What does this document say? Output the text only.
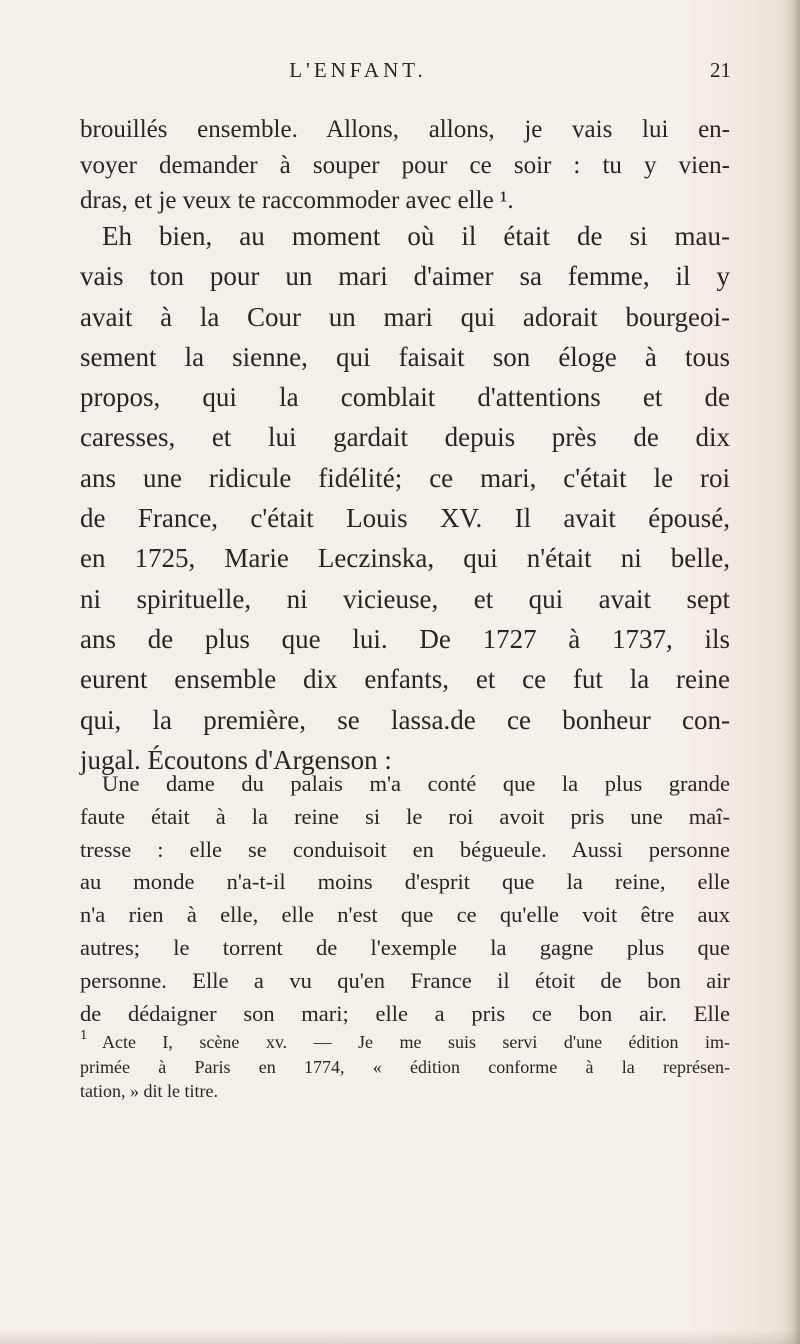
L'ENFANT.	21
brouillés ensemble. Allons, allons, je vais lui en-
voyer demander à souper pour ce soir : tu y vien-
dras, et je veux te raccommoder avec elle ¹.
Eh bien, au moment où il était de si mau-
vais ton pour un mari d'aimer sa femme, il y
avait à la Cour un mari qui adorait bourgeoi-
sement la sienne, qui faisait son éloge à tous
propos, qui la comblait d'attentions et de
caresses, et lui gardait depuis près de dix
ans une ridicule fidélité; ce mari, c'était le roi
de France, c'était Louis XV. Il avait épousé,
en 1725, Marie Leczinska, qui n'était ni belle,
ni spirituelle, ni vicieuse, et qui avait sept
ans de plus que lui. De 1727 à 1737, ils
eurent ensemble dix enfants, et ce fut la reine
qui, la première, se lassa.de ce bonheur con-
jugal. Écoutons d'Argenson :
Une dame du palais m'a conté que la plus grande
faute était à la reine si le roi avoit pris une maî-
tresse : elle se conduisoit en bégueule. Aussi personne
au monde n'a-t-il moins d'esprit que la reine, elle
n'a rien à elle, elle n'est que ce qu'elle voit être aux
autres; le torrent de l'exemple la gagne plus que
personne. Elle a vu qu'en France il étoit de bon air
de dédaigner son mari; elle a pris ce bon air. Elle
1 Acte I, scène xv. — Je me suis servi d'une édition im-
primée à Paris en 1774, « édition conforme à la représen-
tation, » dit le titre.
